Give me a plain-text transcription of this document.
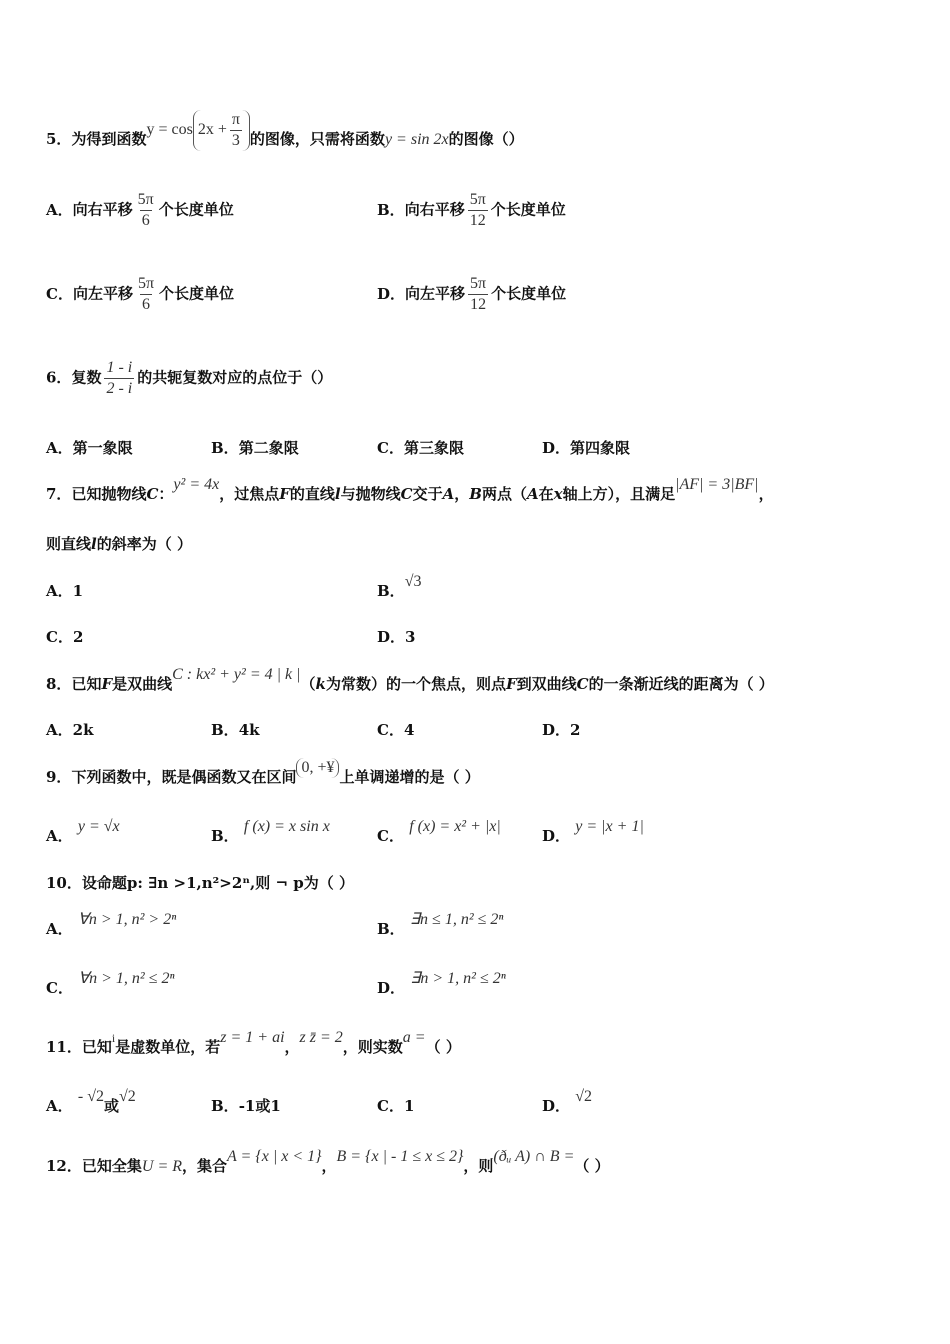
5．为得到函数$y = \cos 2x + \frac{\pi}{3}$ 的图像，只需将函数y = sin 2x的图像（）
A．向右平移 $\frac{5\pi}{6}$ 个长度单位	B．向右平移 $\frac{5\pi}{12}$ 个长度单位
C．向左平移 $\frac{5\pi}{6}$ 个长度单位	D．向左平移 $\frac{5\pi}{12}$ 个长度单位
6．复数 $\frac{1 - i}{2 - i}$ 的共轭复数对应的点位于（）
A．第一象限	B．第二象限	C．第三象限	D．第四象限
7．已知抛物线C：y² = 4x，过焦点F的直线l与抛物线C交于A，B两点（A在x轴上方），且满足|AF| = 3|BF|，
则直线l的斜率为（ ）
A．1	B．√3
C．2	D．3
8．已知F是双曲线C : kx² + y² = 4 | k |（k为常数）的一个焦点，则点F到双曲线C的一条渐近线的距离为（ ）
A．2k	B．4k	C．4	D．2
9．下列函数中，既是偶函数又在区间0, +¥上单调递增的是（ ）
A． y = √x
B． f (x) = x sin x
C． f (x) = x² + |x|
D． y = |x + 1|
10．设命题p: ∃n >1,n²>2ⁿ,则 ¬ p为（ ）
A． ∀n > 1, n² > 2ⁿ
B． ∃n ≤ 1, n² ≤ 2ⁿ
C． ∀n > 1, n² ≤ 2ⁿ
D． ∃n > 1, n² ≤ 2ⁿ
11．已知$^i$是虚数单位，若z = 1 + ai，z z̄ = 2，则实数a =（ ）
A． - √2或√2
B．-1或1	C．1	D． √2
12．已知全集U = R，集合A = {x | x < 1}，B = {x | - 1 ≤ x ≤ 2}，则(ðᵤ A) ∩ B =（ ）
